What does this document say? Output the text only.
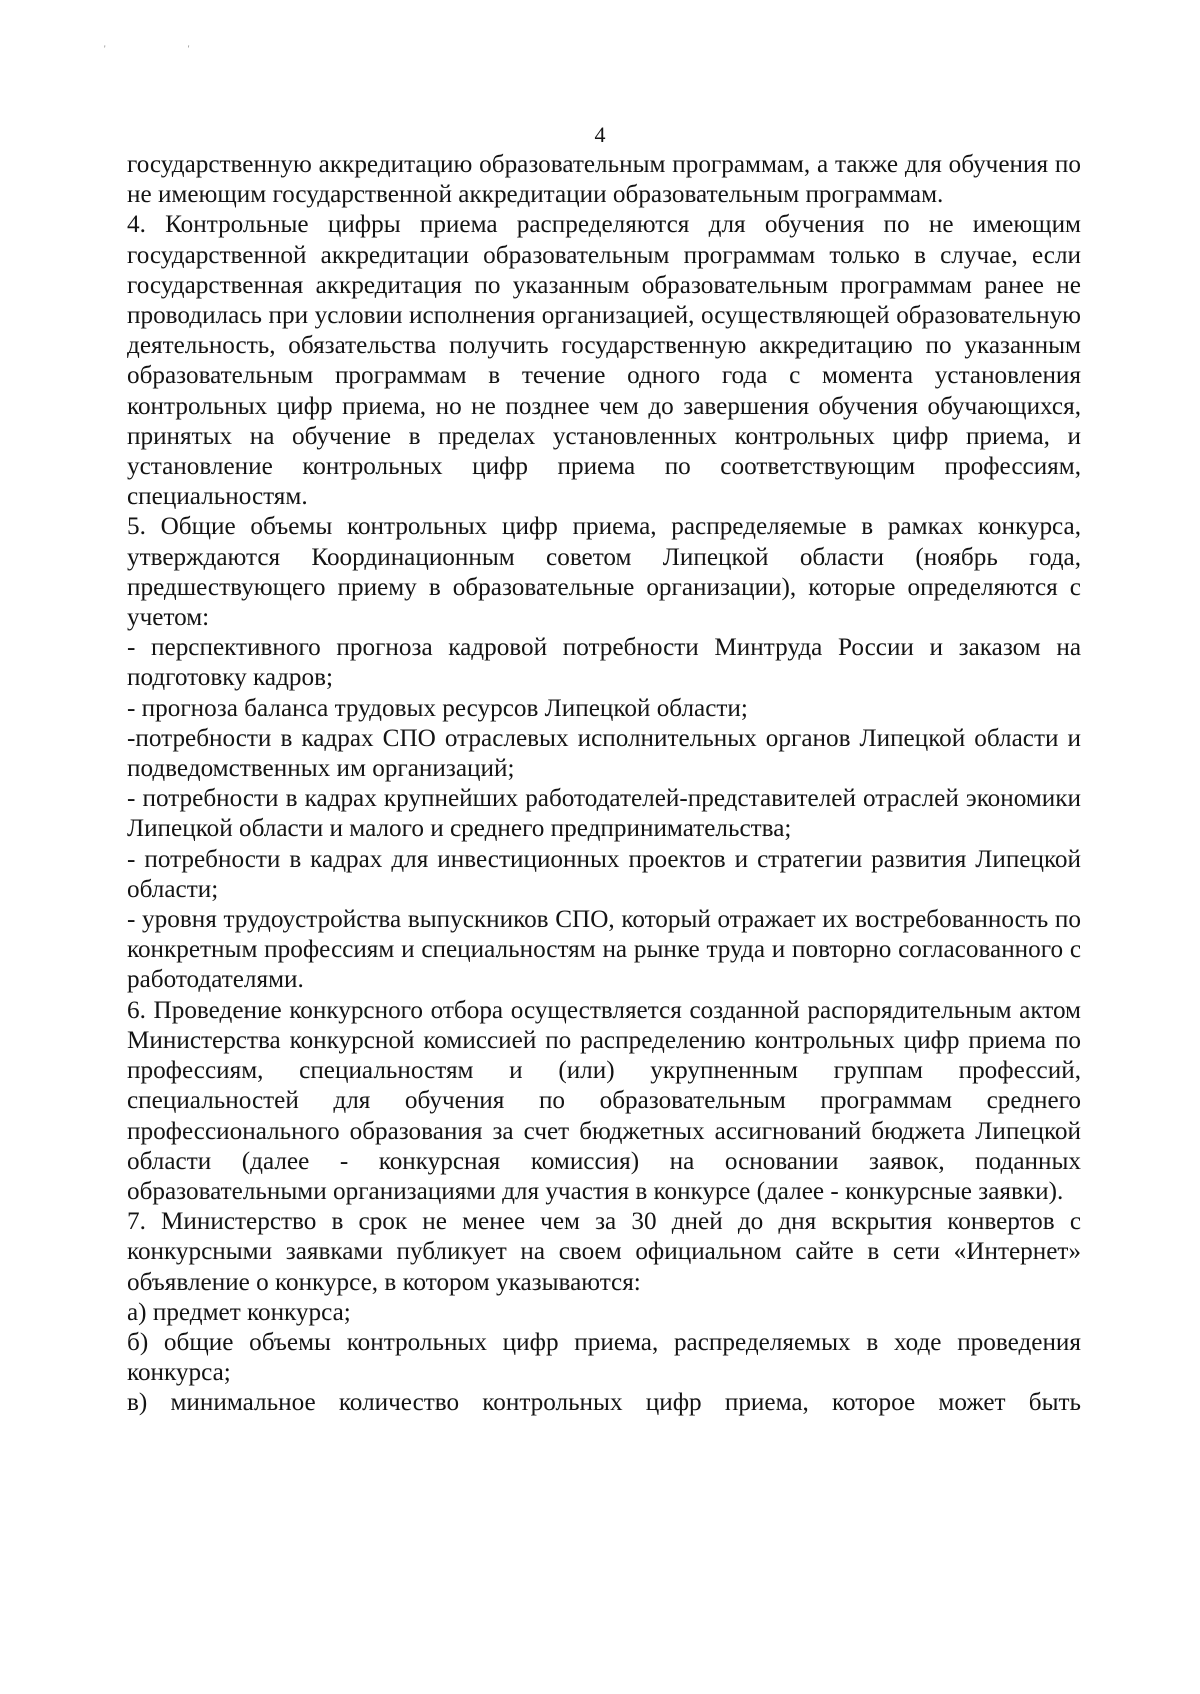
' '
4

государственную аккредитацию образовательным программам, а также для обучения по не имеющим государственной аккредитации образовательным программам.

4. Контрольные цифры приема распределяются для обучения по не имеющим государственной аккредитации образовательным программам только в случае, если государственная аккредитация по указанным образовательным программам ранее не проводилась при условии исполнения организацией, осуществляющей образовательную деятельность, обязательства получить государственную аккредитацию по указанным образовательным программам в течение одного года с момента установления контрольных цифр приема, но не позднее чем до завершения обучения обучающихся, принятых на обучение в пределах установленных контрольных цифр приема, и установление контрольных цифр приема по соответствующим профессиям, специальностям.

5. Общие объемы контрольных цифр приема, распределяемые в рамках конкурса, утверждаются Координационным советом Липецкой области (ноябрь года, предшествующего приему в образовательные организации), которые определяются с учетом:

- перспективного прогноза кадровой потребности Минтруда России и заказом на подготовку кадров;

- прогноза баланса трудовых ресурсов Липецкой области;

-потребности в кадрах СПО отраслевых исполнительных органов Липецкой области и подведомственных им организаций;

- потребности в кадрах крупнейших работодателей-представителей отраслей экономики Липецкой области и малого и среднего предпринимательства;

- потребности в кадрах для инвестиционных проектов и стратегии развития Липецкой области;

- уровня трудоустройства выпускников СПО, который отражает их востребованность по конкретным профессиям и специальностям на рынке труда и повторно согласованного с работодателями.

6. Проведение конкурсного отбора осуществляется созданной распорядительным актом Министерства конкурсной комиссией по распределению контрольных цифр приема по профессиям, специальностям и (или) укрупненным группам профессий, специальностей для обучения по образовательным программам среднего профессионального образования за счет бюджетных ассигнований бюджета Липецкой области (далее - конкурсная комиссия) на основании заявок, поданных образовательными организациями для участия в конкурсе (далее - конкурсные заявки).

7. Министерство в срок не менее чем за 30 дней до дня вскрытия конвертов с конкурсными заявками публикует на своем официальном сайте в сети «Интернет» объявление о конкурсе, в котором указываются:

а) предмет конкурса;

б) общие объемы контрольных цифр приема, распределяемых в ходе проведения конкурса;

в) минимальное количество контрольных цифр приема, которое может быть
